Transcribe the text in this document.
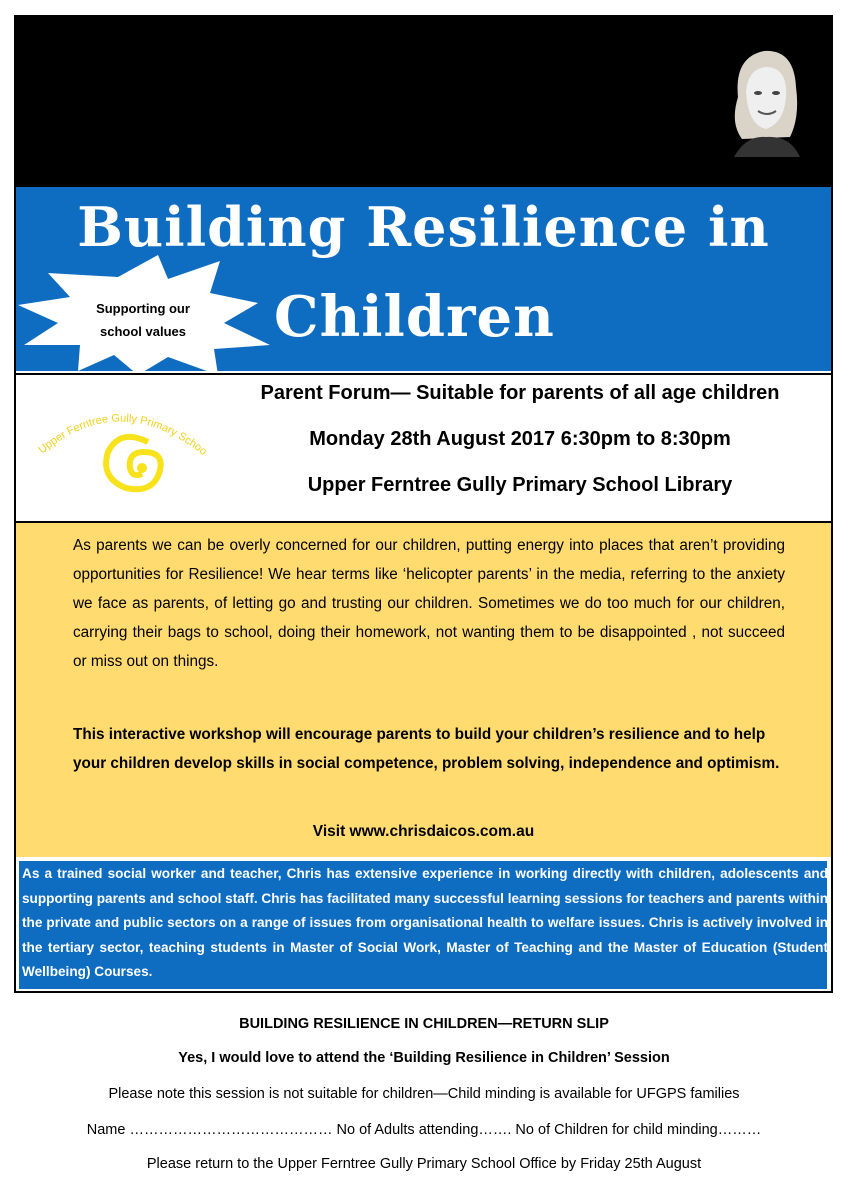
Upper Ferntree Gully
Primary School
Talaskia Road, Upper
Ferntree Gully
Invites you to a
night with
CHRIS
DAICOS
Building Resilience in
Children
Supporting our
school values
Upper Ferntree Gully Primary Schoo
Parent Forum— Suitable for parents of all age children
Monday 28th August 2017 6:30pm to 8:30pm
Upper Ferntree Gully Primary School Library
As parents we can be overly concerned for our children, putting energy into places that aren’t providing opportunities for Resilience! We hear terms like ‘helicopter parents’ in the media, referring to the anxiety we face as parents, of letting go and trusting our children. Sometimes we do too much for our children, carrying their bags to school, doing their homework, not wanting them to be disappointed , not succeed or miss out on things.
This interactive workshop will encourage parents to build your children’s resilience and to help your children develop skills in social competence, problem solving, independence and optimism.
Visit www.chrisdaicos.com.au
As a trained social worker and teacher, Chris has extensive experience in working directly with children, adolescents and supporting parents and school staff. Chris has facilitated many successful learning sessions for teachers and parents within the private and public sectors on a range of issues from organisational health to welfare issues. Chris is actively involved in the tertiary sector, teaching students in Master of Social Work, Master of Teaching and the Master of Education (Student Wellbeing) Courses.
BUILDING RESILIENCE IN CHILDREN—RETURN SLIP
Yes, I would love to attend the ‘Building Resilience in Children’ Session
Please note this session is not suitable for children—Child minding is available for UFGPS families
Name …………………………………… No of Adults attending……. No of Children for child minding………
Please return to the Upper Ferntree Gully Primary School Office by Friday 25th August
